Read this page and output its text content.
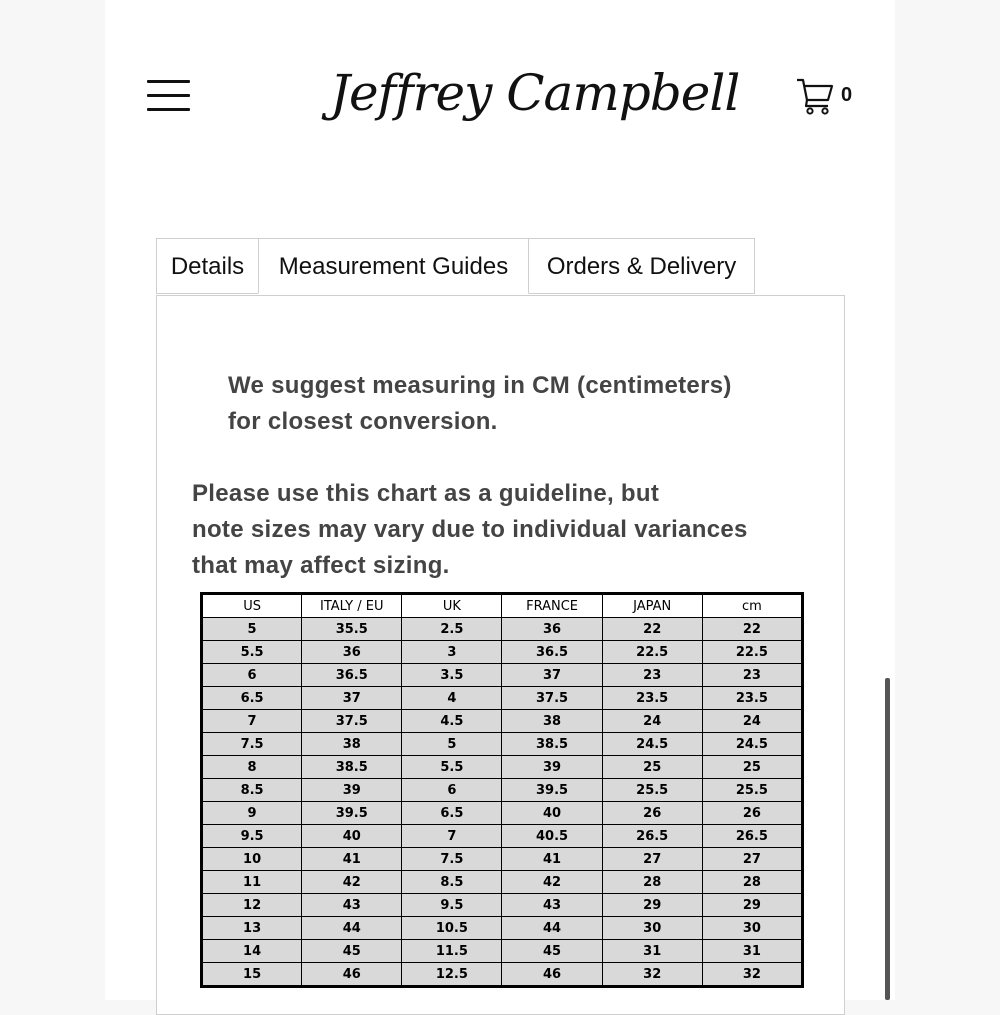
Jeffrey Campbell	0
Details	Measurement Guides	Orders & Delivery
We suggest measuring in CM (centimeters)
for closest conversion.
Please use this chart as a guideline, but
note sizes may vary due to individual variances
that may affect sizing.
US	ITALY / EU	UK	FRANCE	JAPAN	cm
5	35.5	2.5	36	22	22
5.5	36	3	36.5	22.5	22.5
6	36.5	3.5	37	23	23
6.5	37	4	37.5	23.5	23.5
7	37.5	4.5	38	24	24
7.5	38	5	38.5	24.5	24.5
8	38.5	5.5	39	25	25
8.5	39	6	39.5	25.5	25.5
9	39.5	6.5	40	26	26
9.5	40	7	40.5	26.5	26.5
10	41	7.5	41	27	27
11	42	8.5	42	28	28
12	43	9.5	43	29	29
13	44	10.5	44	30	30
14	45	11.5	45	31	31
15	46	12.5	46	32	32
